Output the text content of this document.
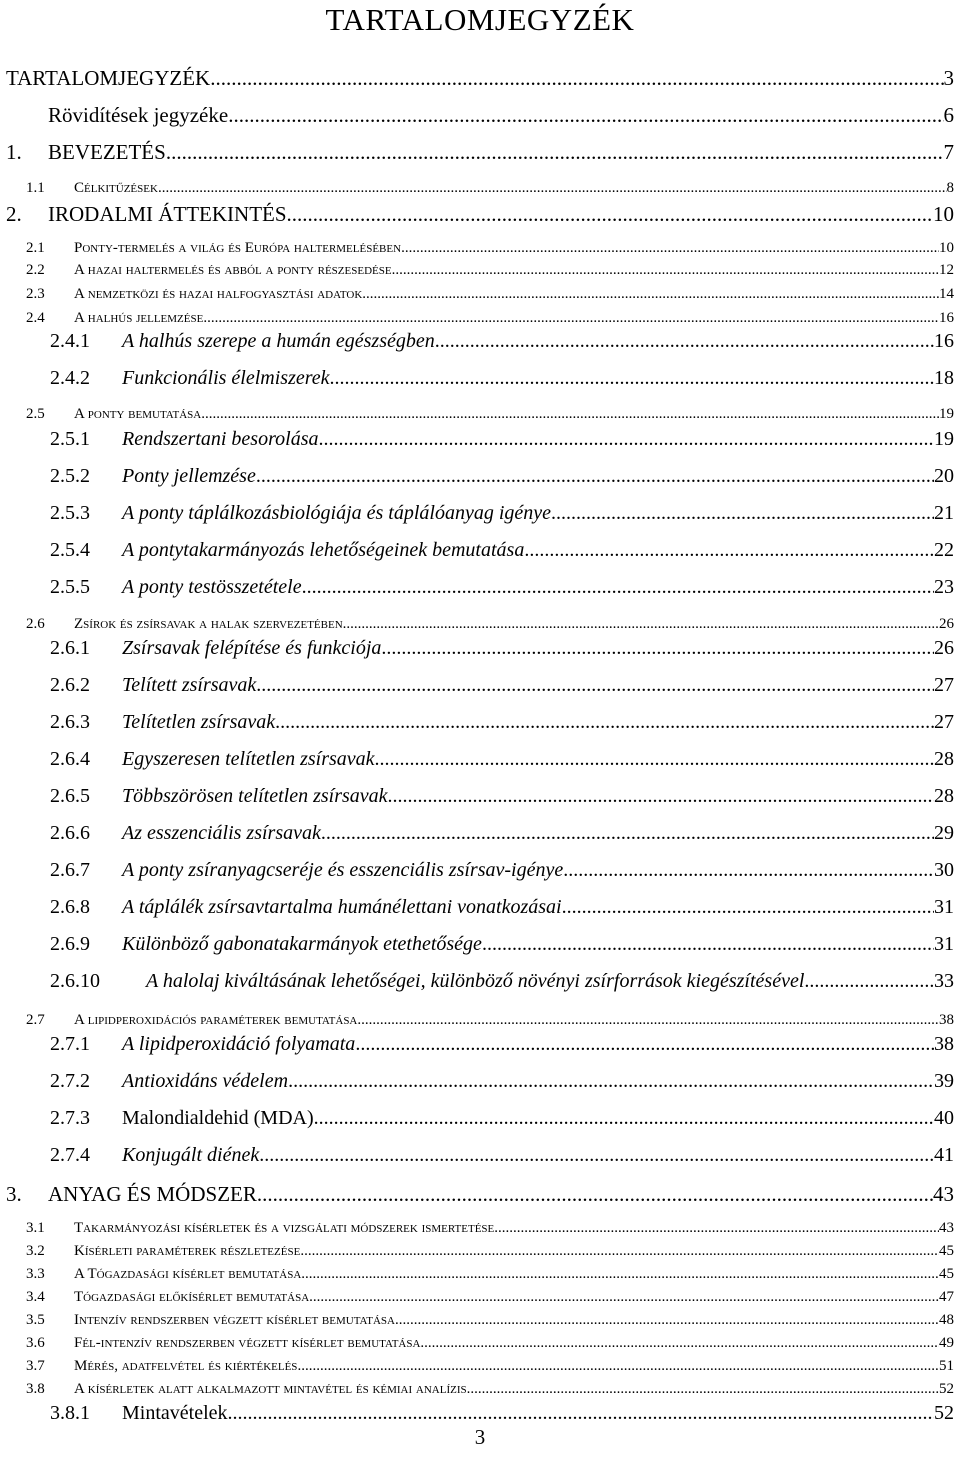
TARTALOMJEGYZÉK
TARTALOMJEGYZÉK .....	3
Rövidítések jegyzéke .....	6
1.	BEVEZETÉS .....	7
1.1	Célkitűzések .....	8
2.	IRODALMI ÁTTEKINTÉS .....	10
2.1	Ponty-termelés a világ és Európa haltermelésében .....	10
2.2	A hazai haltermelés és abból a ponty részesedése .....	12
2.3	A nemzetközi és hazai halfogyasztási adatok .....	14
2.4	A halhús jellemzése .....	16
2.4.1	A halhús szerepe a humán egészségben .....	16
2.4.2	Funkcionális élelmiszerek .....	18
2.5	A ponty bemutatása .....	19
2.5.1	Rendszertani besorolása .....	19
2.5.2	Ponty jellemzése .....	20
2.5.3	A ponty táplálkozásbiológiája és táplálóanyag igénye .....	21
2.5.4	A pontytakarmányozás lehetőségeinek bemutatása .....	22
2.5.5	A ponty testösszetétele .....	23
2.6	Zsírok és zsírsavak a halak szervezetében .....	26
2.6.1	Zsírsavak felépítése és funkciója .....	26
2.6.2	Telített zsírsavak .....	27
2.6.3	Telítetlen zsírsavak .....	27
2.6.4	Egyszeresen telítetlen zsírsavak .....	28
2.6.5	Többszörösen telítetlen zsírsavak .....	28
2.6.6	Az esszenciális zsírsavak .....	29
2.6.7	A ponty zsíranyagcseréje és esszenciális zsírsav-igénye .....	30
2.6.8	A táplálék zsírsavtartalma humánélettani vonatkozásai .....	31
2.6.9	Különböző gabonatakarmányok etethetősége .....	31
2.6.10	A halolaj kiváltásának lehetőségei, különböző növényi zsírforrások kiegészítésével .....	33
2.7	A lipidperoxidációs paraméterek bemutatása .....	38
2.7.1	A lipidperoxidáció folyamata .....	38
2.7.2	Antioxidáns védelem .....	39
2.7.3	Malondialdehid (MDA) .....	40
2.7.4	Konjugált diének .....	41
3.	ANYAG ÉS MÓDSZER .....	43
3.1	Takarmányozási kísérletek és a vizsgálati módszerek ismertetése .....	43
3.2	Kísérleti paraméterek részletezése .....	45
3.3	A Tógazdasági kísérlet bemutatása .....	45
3.4	Tógazdasági előkísérlet bemutatása .....	47
3.5	Intenzív rendszerben végzett kísérlet bemutatása .....	48
3.6	Fél-intenzív rendszerben végzett kísérlet bemutatása .....	49
3.7	Mérés, adatfelvétel és kiértékelés .....	51
3.8	A kísérletek alatt alkalmazott mintavétel és kémiai analízis .....	52
3.8.1	Mintavételek .....	52
3
